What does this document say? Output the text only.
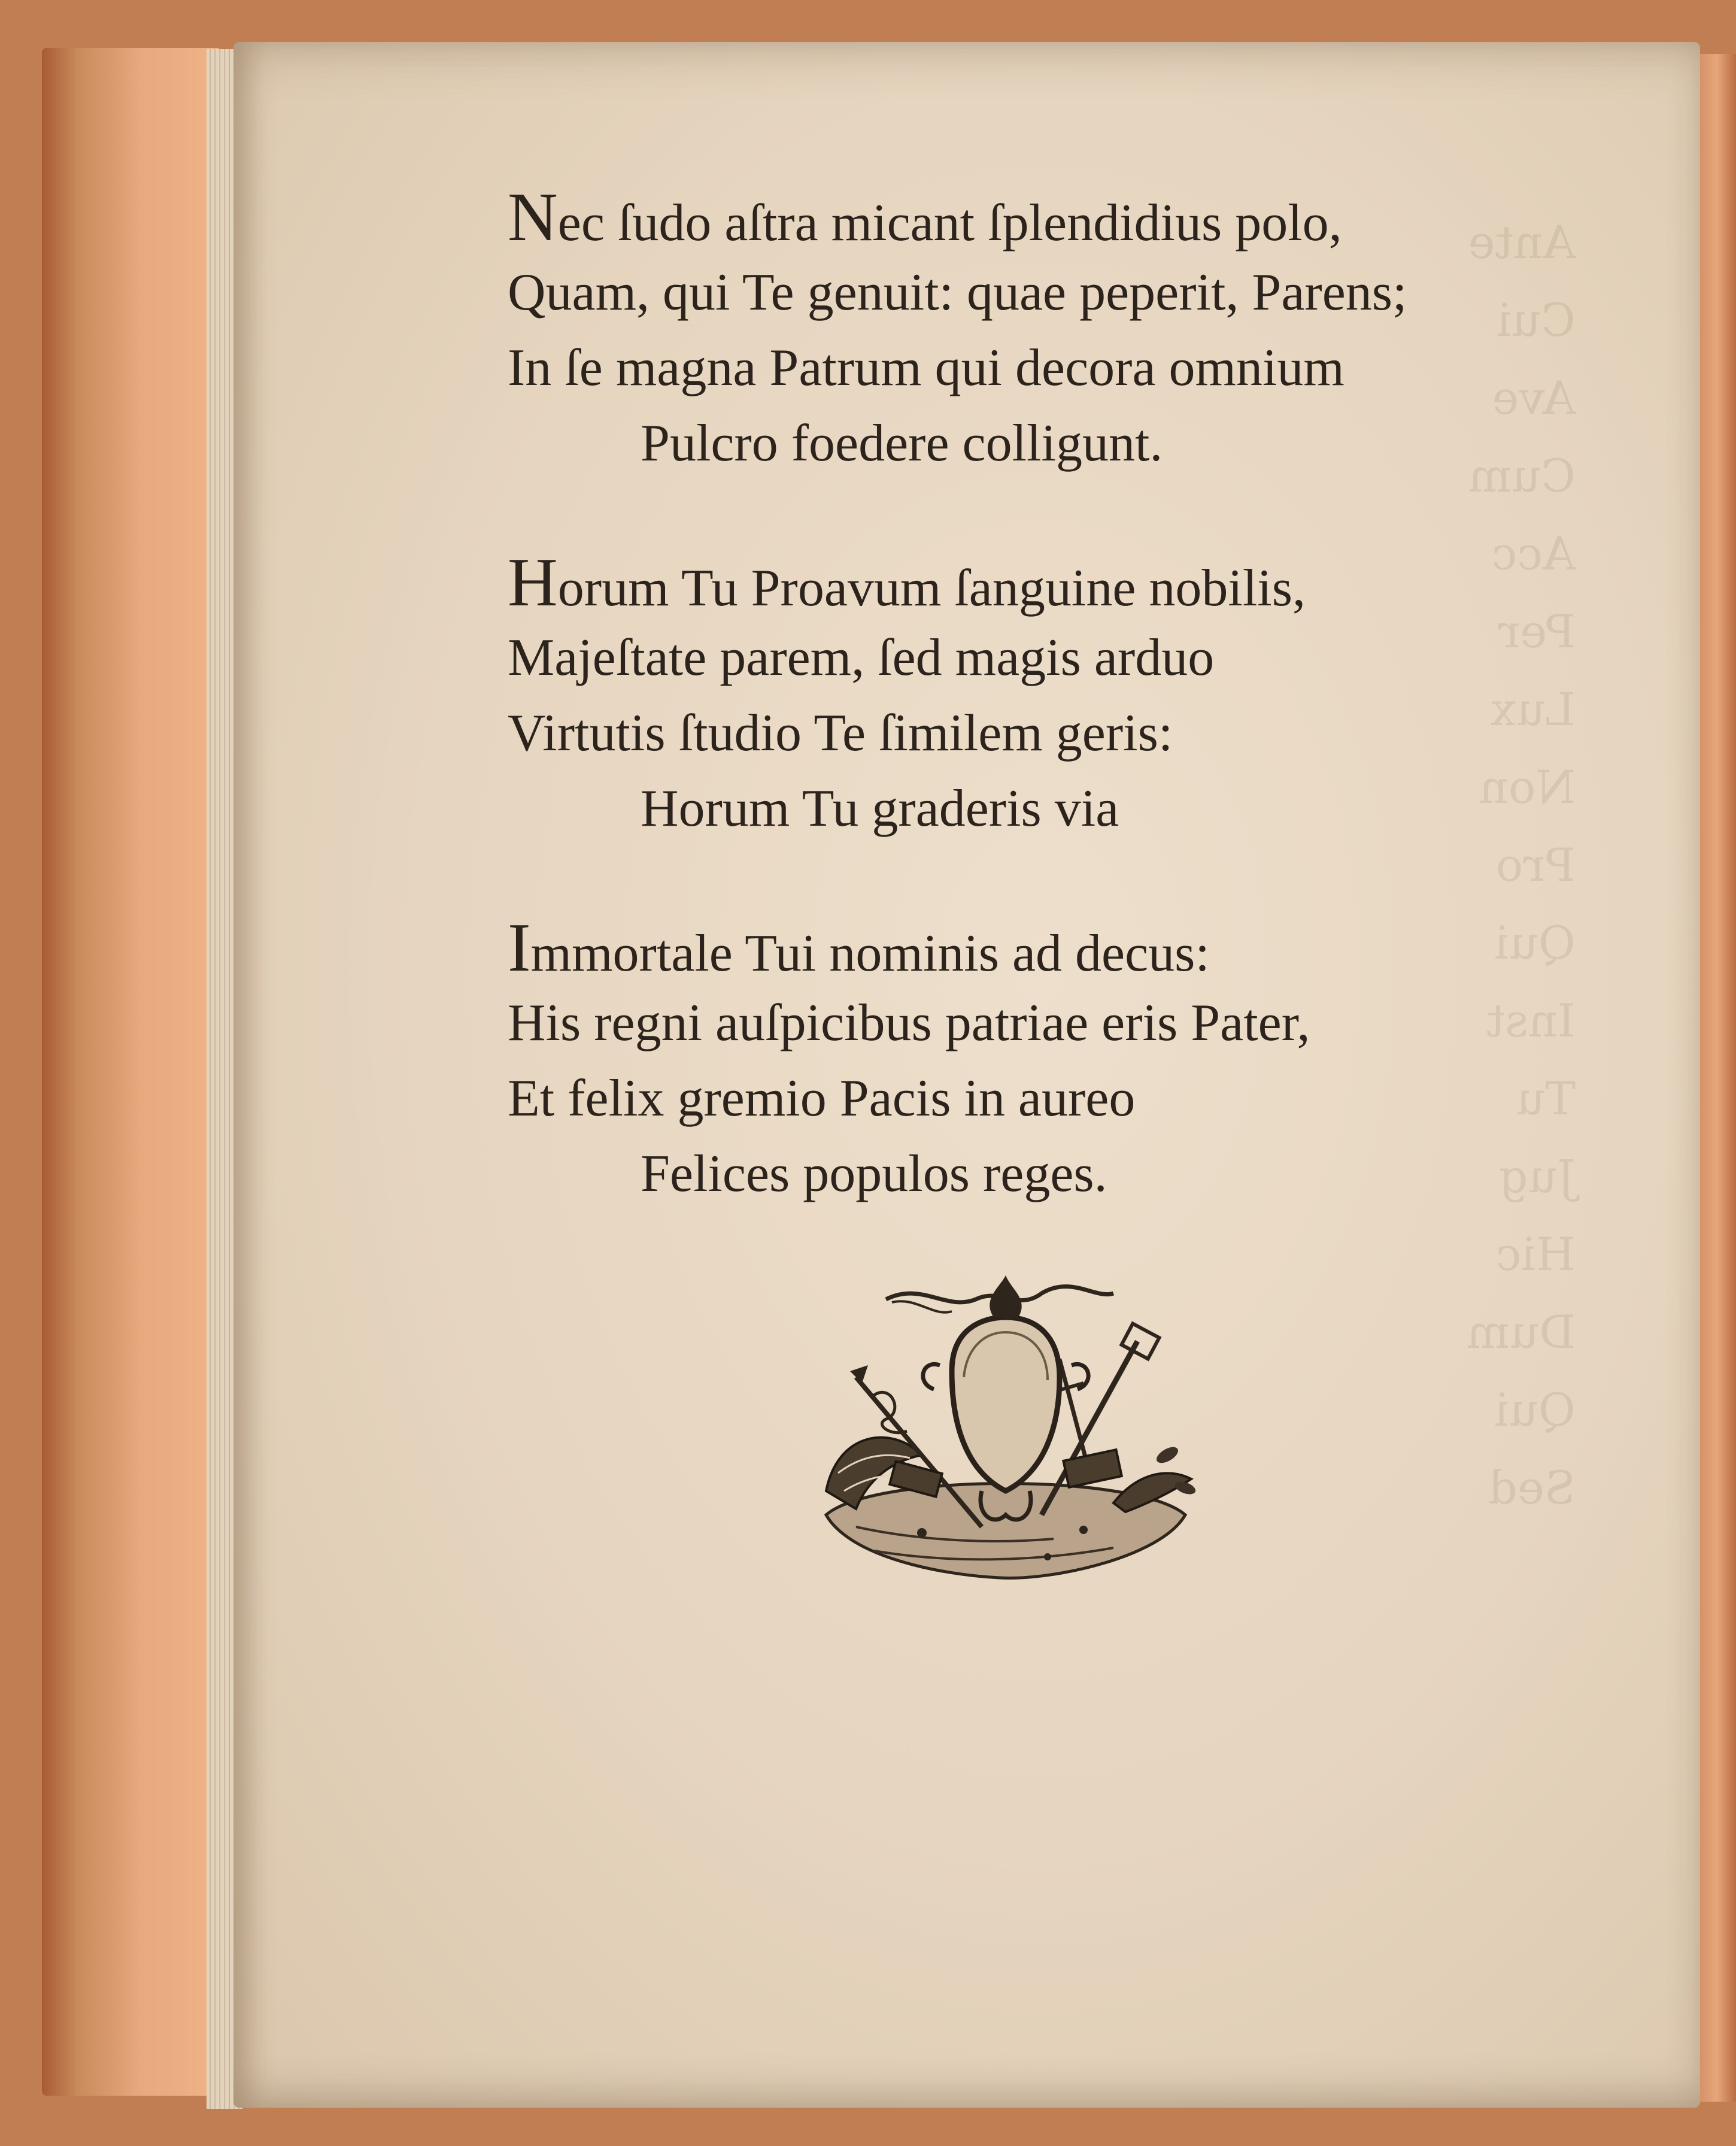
Ante
Cui
Ave
Cum
Acc
Per
Lux
Non
Pro
Qui
Inst
Tu
Jug
Hic
Dum
Qui
Sed
Nec ſudo aſtra micant ſplendidius polo,
Quam, qui Te genuit: quae peperit, Parens;
In ſe magna Patrum qui decora omnium
Pulcro foedere colligunt.
Horum Tu Proavum ſanguine nobilis,
Majeſtate parem, ſed magis arduo
Virtutis ſtudio Te ſimilem geris:
Horum Tu graderis via
Immortale Tui nominis ad decus:
His regni auſpicibus patriae eris Pater,
Et felix gremio Pacis in aureo
Felices populos reges.
